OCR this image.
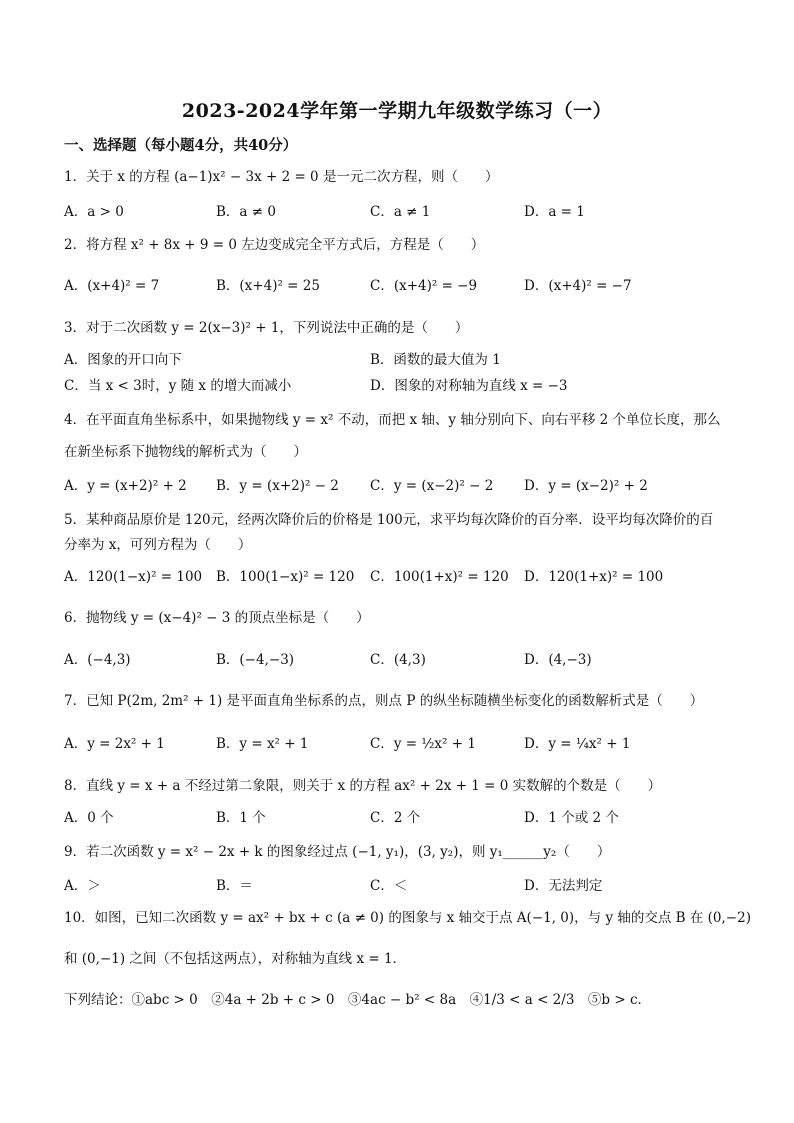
2023-2024学年第一学期九年级数学练习（一）
一、选择题（每小题4分，共40分）
1．关于 x 的方程 (a−1)x² − 3x + 2 = 0 是一元二次方程，则（　　）
A．a > 0	B．a ≠ 0	C．a ≠ 1	D．a = 1
2．将方程 x² + 8x + 9 = 0 左边变成完全平方式后，方程是（　　）
A．(x+4)² = 7	B．(x+4)² = 25	C．(x+4)² = −9	D．(x+4)² = −7
3．对于二次函数 y = 2(x−3)² + 1，下列说法中正确的是（　　）
A．图象的开口向下	B．函数的最大值为 1
C．当 x < 3时，y 随 x 的增大而减小	D．图象的对称轴为直线 x = −3
4．在平面直角坐标系中，如果抛物线 y = x² 不动，而把 x 轴、y 轴分别向下、向右平移 2 个单位长度，那么
在新坐标系下抛物线的解析式为（　　）
A．y = (x+2)² + 2 B．y = (x+2)² − 2 C．y = (x−2)² − 2 D．y = (x−2)² + 2
5．某种商品原价是 120元，经两次降价后的价格是 100元，求平均每次降价的百分率．设平均每次降价的百
分率为 x，可列方程为（　　）
A．120(1−x)² = 100 B．100(1−x)² = 120 C．100(1+x)² = 120 D．120(1+x)² = 100
6．抛物线 y = (x−4)² − 3 的顶点坐标是（　　）
A．(−4,3)	B．(−4,−3)	C．(4,3)	D．(4,−3)
7．已知 P(2m, 2m² + 1) 是平面直角坐标系的点，则点 P 的纵坐标随横坐标变化的函数解析式是（　　）
A．y = 2x² + 1	B．y = x² + 1	C．y = ½x² + 1	D．y = ¼x² + 1
8．直线 y = x + a 不经过第二象限，则关于 x 的方程 ax² + 2x + 1 = 0 实数解的个数是（　　）
A．0 个	B．1 个	C．2 个	D．1 个或 2 个
9．若二次函数 y = x² − 2x + k 的图象经过点 (−1, y₁)，(3, y₂)，则 y₁______y₂（　　）
A．＞	B．＝	C．＜	D．无法判定
10．如图，已知二次函数 y = ax² + bx + c (a ≠ 0) 的图象与 x 轴交于点 A(−1, 0)，与 y 轴的交点 B 在 (0,−2)
和 (0,−1) 之间（不包括这两点），对称轴为直线 x = 1．
下列结论：①abc > 0　②4a + 2b + c > 0　③4ac − b² < 8a　④1/3 < a < 2/3　⑤b > c．
